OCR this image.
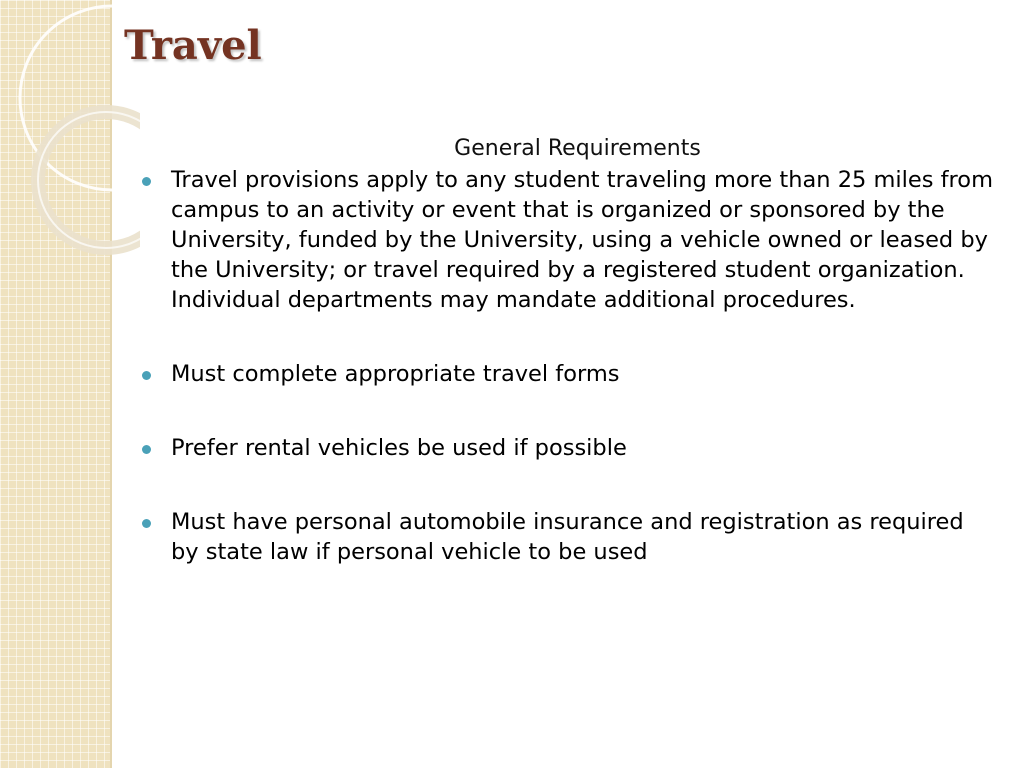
Travel
General Requirements
Travel provisions apply to any student traveling more than 25 miles from campus to an activity or event that is organized or sponsored by the University, funded by the University, using a vehicle owned or leased by the University; or travel required by a registered student organization. Individual departments may mandate additional procedures.
Must complete appropriate travel forms
Prefer rental vehicles be used if possible
Must have personal automobile insurance and registration as required by state law if personal vehicle to be used
